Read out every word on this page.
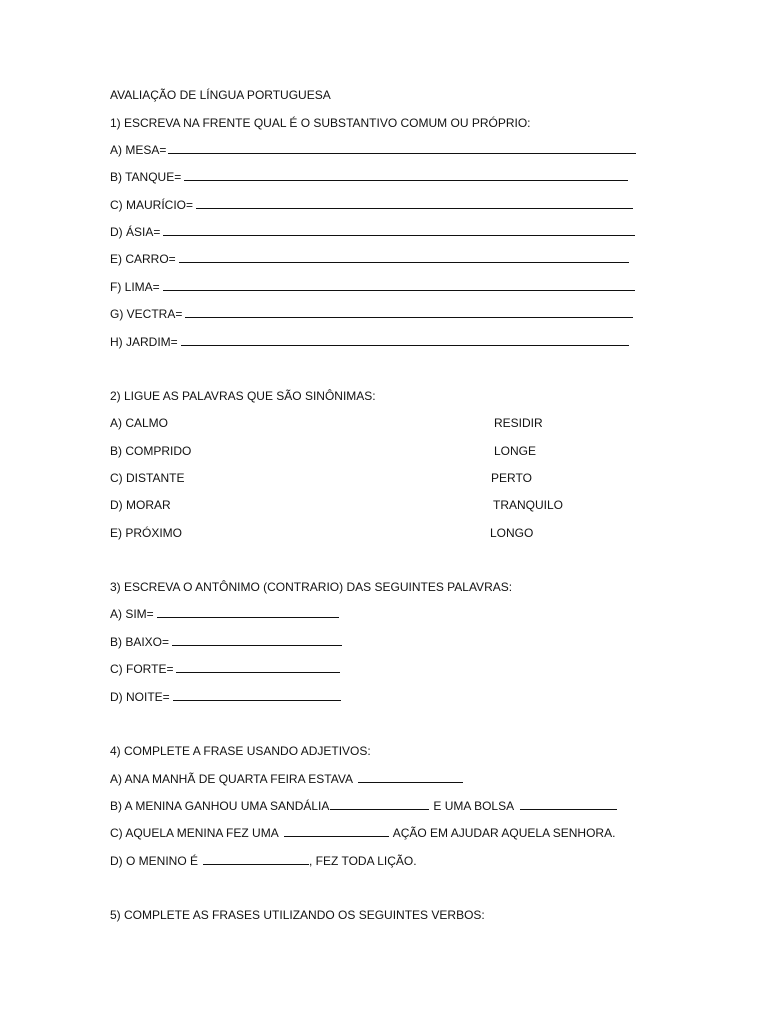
AVALIAÇÃO DE LÍNGUA PORTUGUESA
1) ESCREVA NA FRENTE QUAL É O SUBSTANTIVO COMUM OU PRÓPRIO:
A) MESA=
B) TANQUE=
C) MAURÍCIO=
D) ÁSIA=
E) CARRO=
F) LIMA=
G) VECTRA=
H) JARDIM=
2) LIGUE AS PALAVRAS QUE SÃO SINÔNIMAS:
A) CALMO	RESIDIR
B) COMPRIDO	LONGE
C) DISTANTE	PERTO
D) MORAR	TRANQUILO
E) PRÓXIMO	LONGO
3) ESCREVA O ANTÔNIMO (CONTRARIO) DAS SEGUINTES PALAVRAS:
A) SIM=
B) BAIXO=
C) FORTE=
D) NOITE=
4) COMPLETE A FRASE USANDO ADJETIVOS:
A) ANA MANHÃ DE QUARTA FEIRA ESTAVA
B) A MENINA GANHOU UMA SANDÁLIA	E UMA BOLSA
C) AQUELA MENINA FEZ UMA	AÇÃO EM AJUDAR AQUELA SENHORA.
D) O MENINO É	, FEZ TODA LIÇÃO.
5) COMPLETE AS FRASES UTILIZANDO OS SEGUINTES VERBOS:
